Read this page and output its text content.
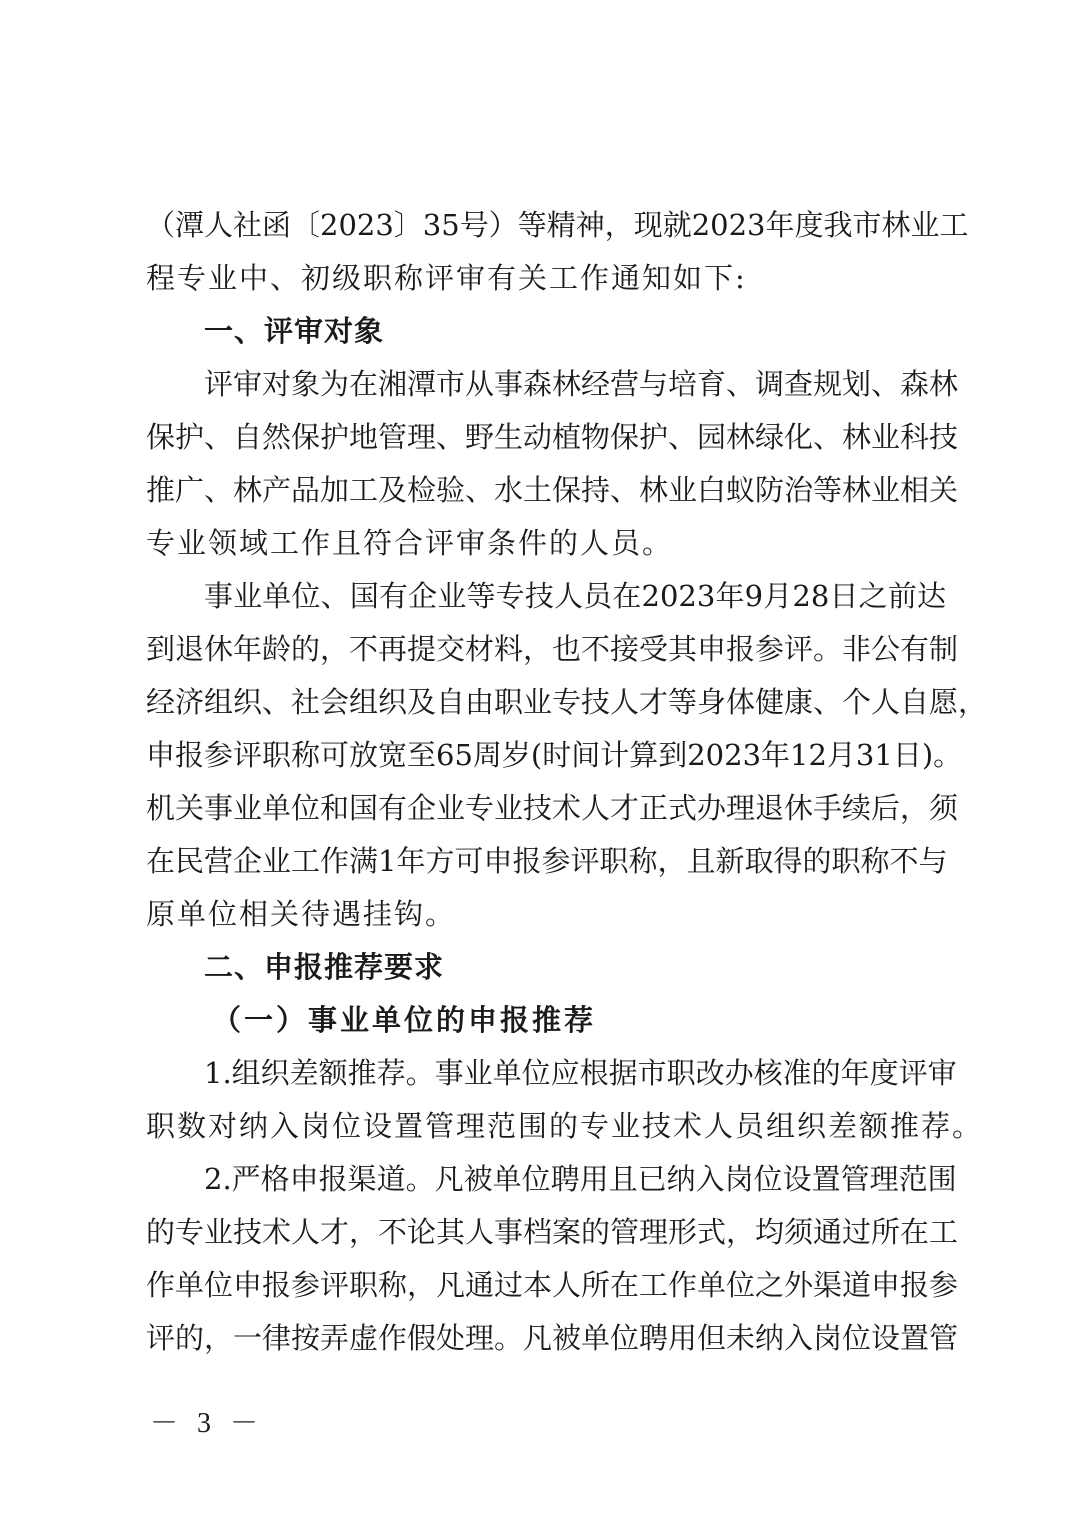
（潭人社函〔2023〕35号）等精神，现就2023年度我市林业工
程专业中、初级职称评审有关工作通知如下:
一、评审对象
评审对象为在湘潭市从事森林经营与培育、调查规划、森林
保护、自然保护地管理、野生动植物保护、园林绿化、林业科技
推广、林产品加工及检验、水土保持、林业白蚁防治等林业相关
专业领域工作且符合评审条件的人员。
事业单位、国有企业等专技人员在2023年9月28日之前达
到退休年龄的，不再提交材料，也不接受其申报参评。非公有制
经济组织、社会组织及自由职业专技人才等身体健康、个人自愿，
申报参评职称可放宽至65周岁(时间计算到2023年12月31日)。
机关事业单位和国有企业专业技术人才正式办理退休手续后，须
在民营企业工作满1年方可申报参评职称，且新取得的职称不与
原单位相关待遇挂钩。
二、申报推荐要求
（一）事业单位的申报推荐
1.组织差额推荐。事业单位应根据市职改办核准的年度评审
职数对纳入岗位设置管理范围的专业技术人员组织差额推荐。
2.严格申报渠道。凡被单位聘用且已纳入岗位设置管理范围
的专业技术人才，不论其人事档案的管理形式，均须通过所在工
作单位申报参评职称，凡通过本人所在工作单位之外渠道申报参
评的，一律按弄虚作假处理。凡被单位聘用但未纳入岗位设置管
－ 3 －
